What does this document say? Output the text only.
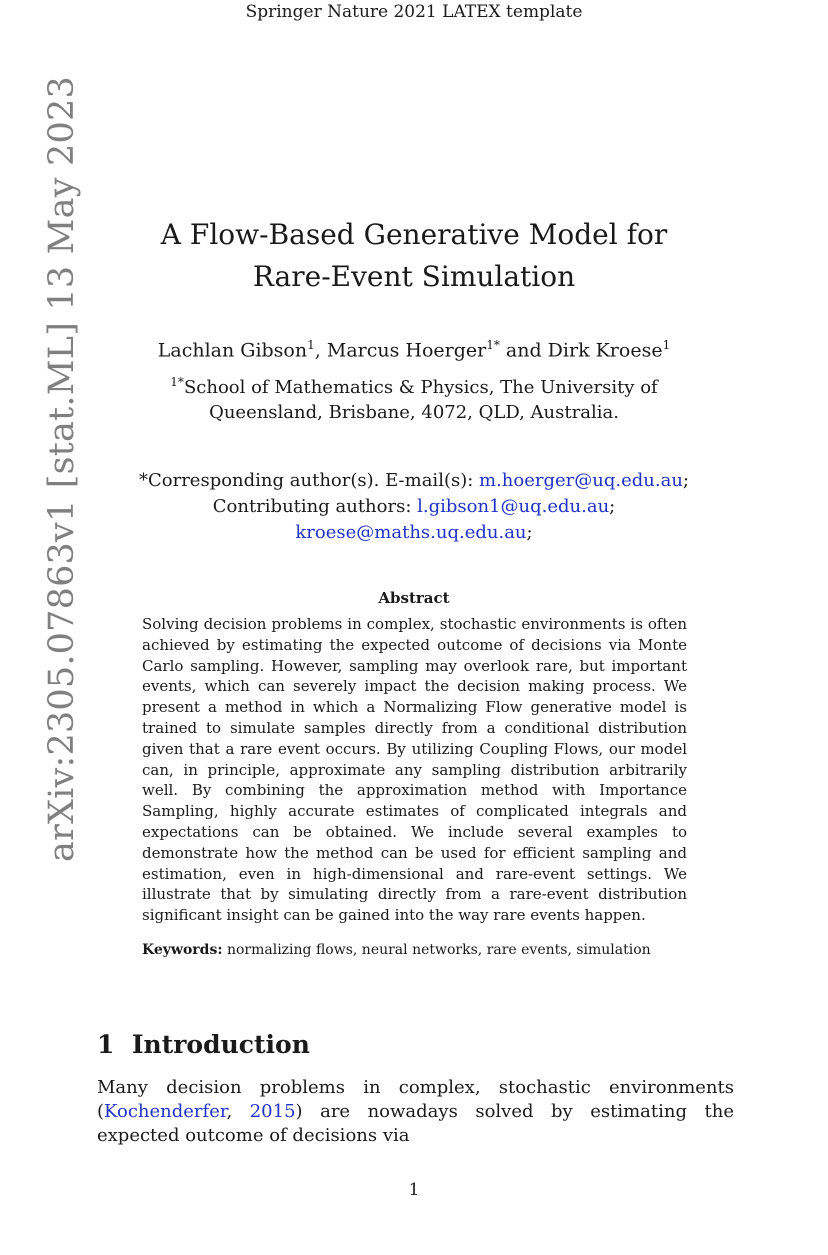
Springer Nature 2021 LATEX template
arXiv:2305.07863v1 [stat.ML] 13 May 2023	A Flow-Based Generative Model for
Rare-Event Simulation
Lachlan Gibson$^1$, Marcus Hoerger$^{1*}$ and Dirk Kroese$^1$
$^{1*}$School of Mathematics & Physics, The University of
Queensland, Brisbane, 4072, QLD, Australia.
*Corresponding author(s). E-mail(s): m.hoerger@uq.edu.au;
Contributing authors: l.gibson1@uq.edu.au;
kroese@maths.uq.edu.au;
Abstract
Solving decision problems in complex, stochastic environments is often achieved by estimating the expected outcome of decisions via Monte Carlo sampling. However, sampling may overlook rare, but important events, which can severely impact the decision making process. We present a method in which a Normalizing Flow generative model is trained to simulate samples directly from a conditional distribution given that a rare event occurs. By utilizing Coupling Flows, our model can, in principle, approximate any sampling distribution arbitrarily well. By combining the approximation method with Importance Sampling, highly accurate estimates of complicated integrals and expectations can be obtained. We include several examples to demonstrate how the method can be used for efficient sampling and estimation, even in high-dimensional and rare-event settings. We illustrate that by simulating directly from a rare-event distribution significant insight can be gained into the way rare events happen.
Keywords: normalizing flows, neural networks, rare events, simulation
1 Introduction
Many decision problems in complex, stochastic environments (Kochenderfer, 2015) are nowadays solved by estimating the expected outcome of decisions via
1
